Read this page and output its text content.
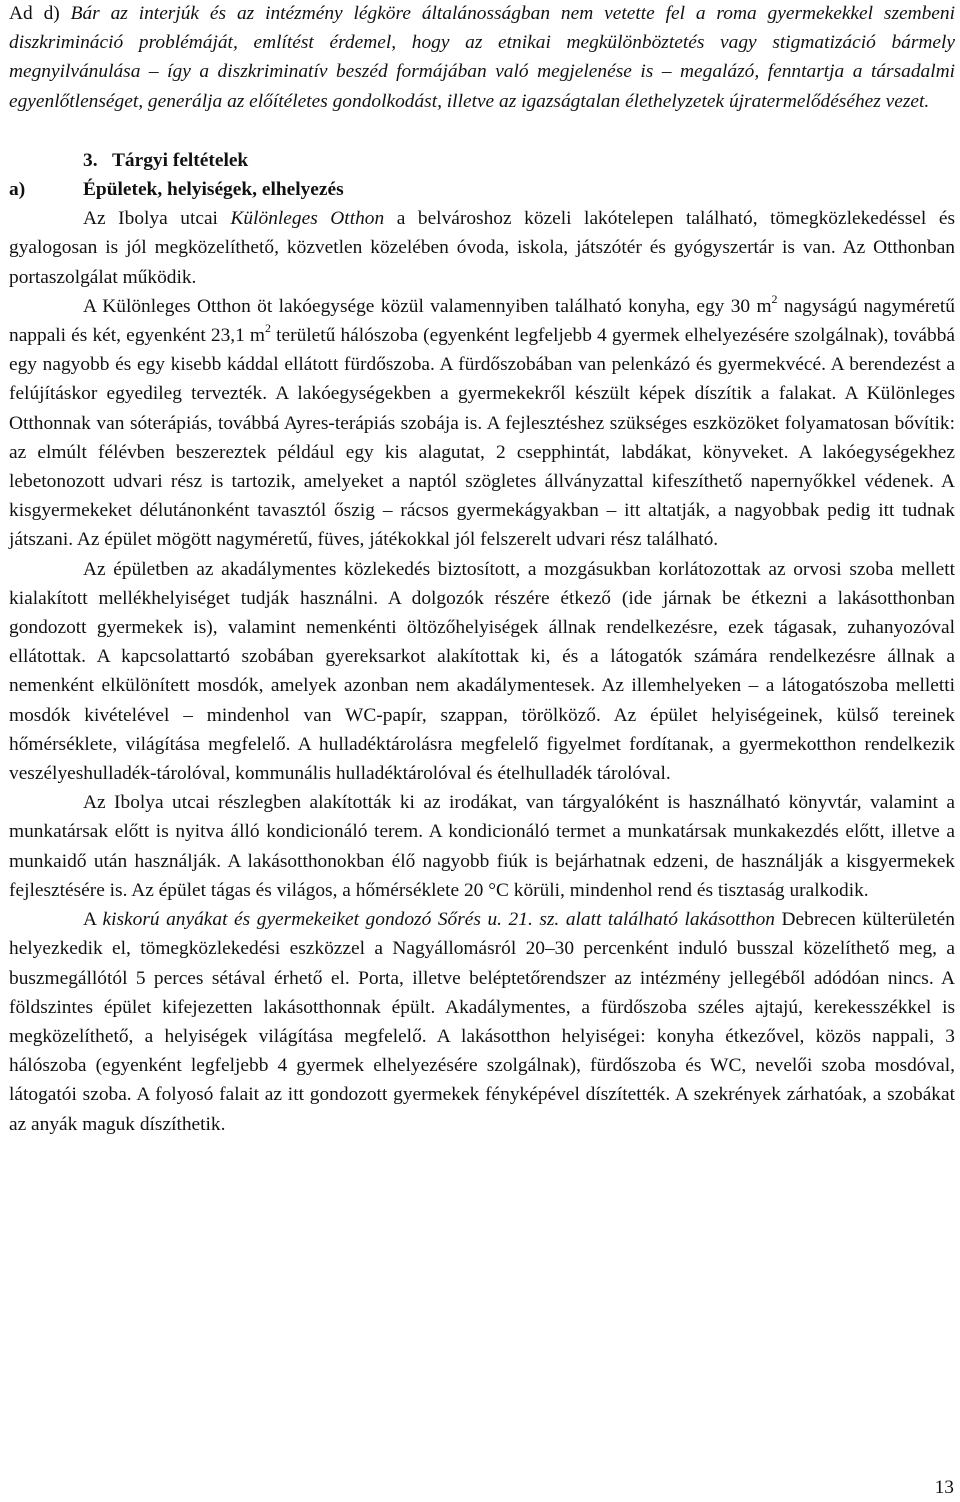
Ad d) Bár az interjúk és az intézmény légköre általánosságban nem vetette fel a roma gyermekekkel szembeni diszkrimináció problémáját, említést érdemel, hogy az etnikai megkülönböztetés vagy stigmatizáció bármely megnyilvánulása – így a diszkriminatív beszéd formájában való megjelenése is – megalázó, fenntartja a társadalmi egyenlőtlenséget, generálja az előítéletes gondolkodást, illetve az igazságtalan élethelyzetek újratermelődéséhez vezet.

3. Tárgyi feltételek
a)	Épületek, helyiségek, elhelyezés

Az Ibolya utcai Különleges Otthon a belvároshoz közeli lakótelepen található, tömegközlekedéssel és gyalogosan is jól megközelíthető, közvetlen közelében óvoda, iskola, játszótér és gyógyszertár is van. Az Otthonban portaszolgálat működik.

A Különleges Otthon öt lakóegysége közül valamennyiben található konyha, egy 30 $m^2$ nagyságú nagyméretű nappali és két, egyenként 23,1 $m^2$ területű hálószoba (egyenként legfeljebb 4 gyermek elhelyezésére szolgálnak), továbbá egy nagyobb és egy kisebb káddal ellátott fürdőszoba. A fürdőszobában van pelenkázó és gyermekvécé. A berendezést a felújításkor egyedileg tervezték. A lakóegységekben a gyermekekről készült képek díszítik a falakat. A Különleges Otthonnak van sóterápiás, továbbá Ayres-terápiás szobája is. A fejlesztéshez szükséges eszközöket folyamatosan bővítik: az elmúlt félévben beszereztek például egy kis alagutat, 2 csepphintát, labdákat, könyveket. A lakóegységekhez lebetonozott udvari rész is tartozik, amelyeket a naptól szögletes állványzattal kifeszíthető napernyőkkel védenek. A kisgyermekeket délutánonként tavasztól őszig – rácsos gyermekágyakban – itt altatják, a nagyobbak pedig itt tudnak játszani. Az épület mögött nagyméretű, füves, játékokkal jól felszerelt udvari rész található.

Az épületben az akadálymentes közlekedés biztosított, a mozgásukban korlátozottak az orvosi szoba mellett kialakított mellékhelyiséget tudják használni. A dolgozók részére étkező (ide járnak be étkezni a lakásotthonban gondozott gyermekek is), valamint nemenkénti öltözőhelyiségek állnak rendelkezésre, ezek tágasak, zuhanyozóval ellátottak. A kapcsolattartó szobában gyereksarkot alakítottak ki, és a látogatók számára rendelkezésre állnak a nemenként elkülönített mosdók, amelyek azonban nem akadálymentesek. Az illemhelyeken – a látogatószoba melletti mosdók kivételével – mindenhol van WC-papír, szappan, törölköző. Az épület helyiségeinek, külső tereinek hőmérséklete, világítása megfelelő. A hulladéktárolásra megfelelő figyelmet fordítanak, a gyermekotthon rendelkezik veszélyeshulladék-tárolóval, kommunális hulladéktárolóval és ételhulladék tárolóval.

Az Ibolya utcai részlegben alakították ki az irodákat, van tárgyalóként is használható könyvtár, valamint a munkatársak előtt is nyitva álló kondicionáló terem. A kondicionáló termet a munkatársak munkakezdés előtt, illetve a munkaidő után használják. A lakásotthonokban élő nagyobb fiúk is bejárhatnak edzeni, de használják a kisgyermekek fejlesztésére is. Az épület tágas és világos, a hőmérséklete 20 °C körüli, mindenhol rend és tisztaság uralkodik.

A kiskorú anyákat és gyermekeiket gondozó Sőrés u. 21. sz. alatt található lakásotthon Debrecen külterületén helyezkedik el, tömegközlekedési eszközzel a Nagyállomásról 20–30 percenként induló busszal közelíthető meg, a buszmegállótól 5 perces sétával érhető el. Porta, illetve beléptetőrendszer az intézmény jellegéből adódóan nincs. A földszintes épület kifejezetten lakásotthonnak épült. Akadálymentes, a fürdőszoba széles ajtajú, kerekesszékkel is megközelíthető, a helyiségek világítása megfelelő. A lakásotthon helyiségei: konyha étkezővel, közös nappali, 3 hálószoba (egyenként legfeljebb 4 gyermek elhelyezésére szolgálnak), fürdőszoba és WC, nevelői szoba mosdóval, látogatói szoba. A folyosó falait az itt gondozott gyermekek fényképével díszítették. A szekrények zárhatóak, a szobákat az anyák maguk díszíthetik.

13
